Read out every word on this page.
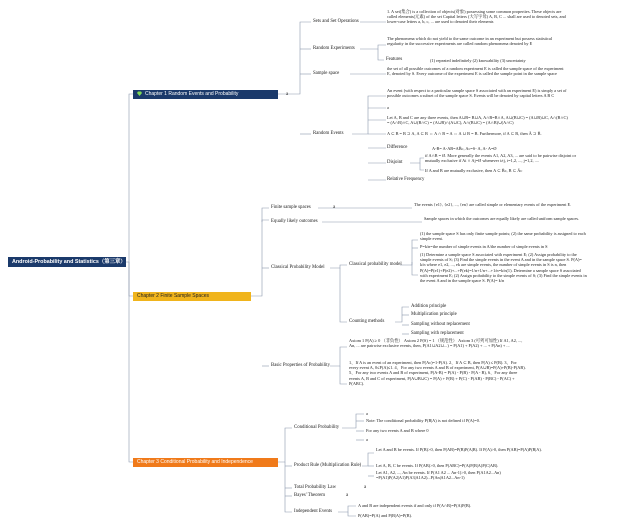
Android-Probability and Statistics（第三章）
Chapter 1 Random Events and Probability	a
Chapter 2 Finite Sample Spaces
Chapter 3 Conditional Probability and Independence
Sets and Set Operations
1. A set(集合) is a collection of objects(对象) possessing some common properties. These objects are called elements(元素) of the set Capital letters (大写字母) A, B, C ... shall are used to denoted sets, and lower-case letters a, b, c, ... are used to denoted their elements
Random Experiments
The phenomena which do not yield to the same outcome in an experiment but possess statistical regularity in the successive experiments are called random phenomena denoted by E
Features	(1) repeated indefinitely (2) knowability (3) uncertainty
Sample space
the set of all possible outcomes of a random experiment E is called the sample space of the experiment E, denoted by S. Every outcome of the experiment E is called the sample point in the sample space
Random Events
An event (with respect to a particular sample space S associated with an experiment E) is simply a set of possible outcomes a subset of the sample space S. Events will be denoted by capital letters A B C
a
Let A, B and C are any three events, then A∪B= B∪A, A∩B=B∩A, A∪(B∪C) = (A∪B)∪C, A∩(B∩C) = (A∩B)∩C, A∪(B∩C) = (A∪B)∩(A∪C), A∩(B∪C) = (A∩B)∪(A∩C)
A ⊂ B = B ⊃ A, A ⊂ B ⇔ A ∩ B = A ⇔ A ∪ B = B. Furthermore, if A ⊂ B, then Ā ⊃ B̄.
Difference	A-B= A-AB=AB̄c, Ac=S- A, A- A=Ø
Disjoint
if A∩B = Ø. More generally the events A1, A2, A3, ... are said to be pairwise disjoint or mutually exclusive if Ai ∩ Aj=Ø whenever i≠j, i=1,2, ..., j=1,2, ....
If A and B are mutually exclusive, then A ⊂ B̄c, B ⊂ Āc
Relative Frequency
Finite sample spaces	a
The events {e1}, {e2}, ..., {en} are called simple or elementary events of the experiment E.
Equally likely outcomes
Sample spaces in which the outcomes are equally likely are called uniform sample spaces.
Classical Probability Model
Classical probability model
(1) the sample space S has only finite sample points; (2) the same probability is assigned to each simple event.
P=k/n=the number of simple events in A/the number of simple events in S
(1) Determine a sample space S associated with experiment E; (2) Assign probability to the simple events of S; (3) Find the simple events in the event A and in the sample space S. P(A)= k/n where e1, e2, ..., ek are simple events, the number of simple events in S is n, then P(A)=P(e1)+P(e2)+...+P(ek)=1/n+1/n+...+1/n=k/n(1). Determine a sample space S associated with experiment E; (2) Assign probability to the simple events of S; (3) Find the simple events in the event A and in the sample space S. P(A)= k/n
Counting methods
Addition principle
Multiplication principle
Sampling without replacement
Sampling with replacement
Basic Properties of Probability
Axiom 1 P(A) ≥ 0 （非负性） Axiom 2 P(S) = 1 （规范性） Axiom 3 (可列可加性) If A1, A2, ..., An, ... are pairwise exclusive events, then, P(A1∪A2∪...) = P(A1) + P(A2) + ... + P(An) + ...
1、If A is an event of an experiment, then P(Ac)=1-P(A). 2、If A ⊂ B, then P(A) ≤ P(B). 3、For every event A, 0≤P(A)≤1. 4、For any two events A and B of experiment, P(A∪B)=P(A)+P(B)-P(AB). 5、For any two events A and B of experiment, P(A-B) = P(A) - P(B) - P(A - B), 6、For any three events A, B and C of experiment, P(A∪B∪C) = P(A) + P(B) + P(C) - P(AB) - P(BC) - P(AC) + P(ABC).
Conditional Probability
a
Note: The conditional probability P(B|A) is not defined if P(A)=0.
For any two events A and B where 0
a
Product Rule (Multiplication Rule)
Let A and B be events. If P(B)>0, then P(AB)=P(B)P(A|B). If P(A)>0, then P(AB)=P(A)P(B|A).
Let A, B, C be events. If P(AB)>0, then P(ABC)=P(A)P(B|A)P(C|AB).
Let A1, A2, ..., An be events. If P(A1 A2 ... An-1)>0, then P(A1A2...An) =P(A1)P(A2|A1)P(A3|A1A2)...P(An|A1A2...An-1)
Total Probability Law	a
Bayes' Theorem	a
Independent Events
A and B are independent events if and only if P(A∩B)=P(A)P(B).
P(AB)=P(A) and P(B|A)=P(B).
